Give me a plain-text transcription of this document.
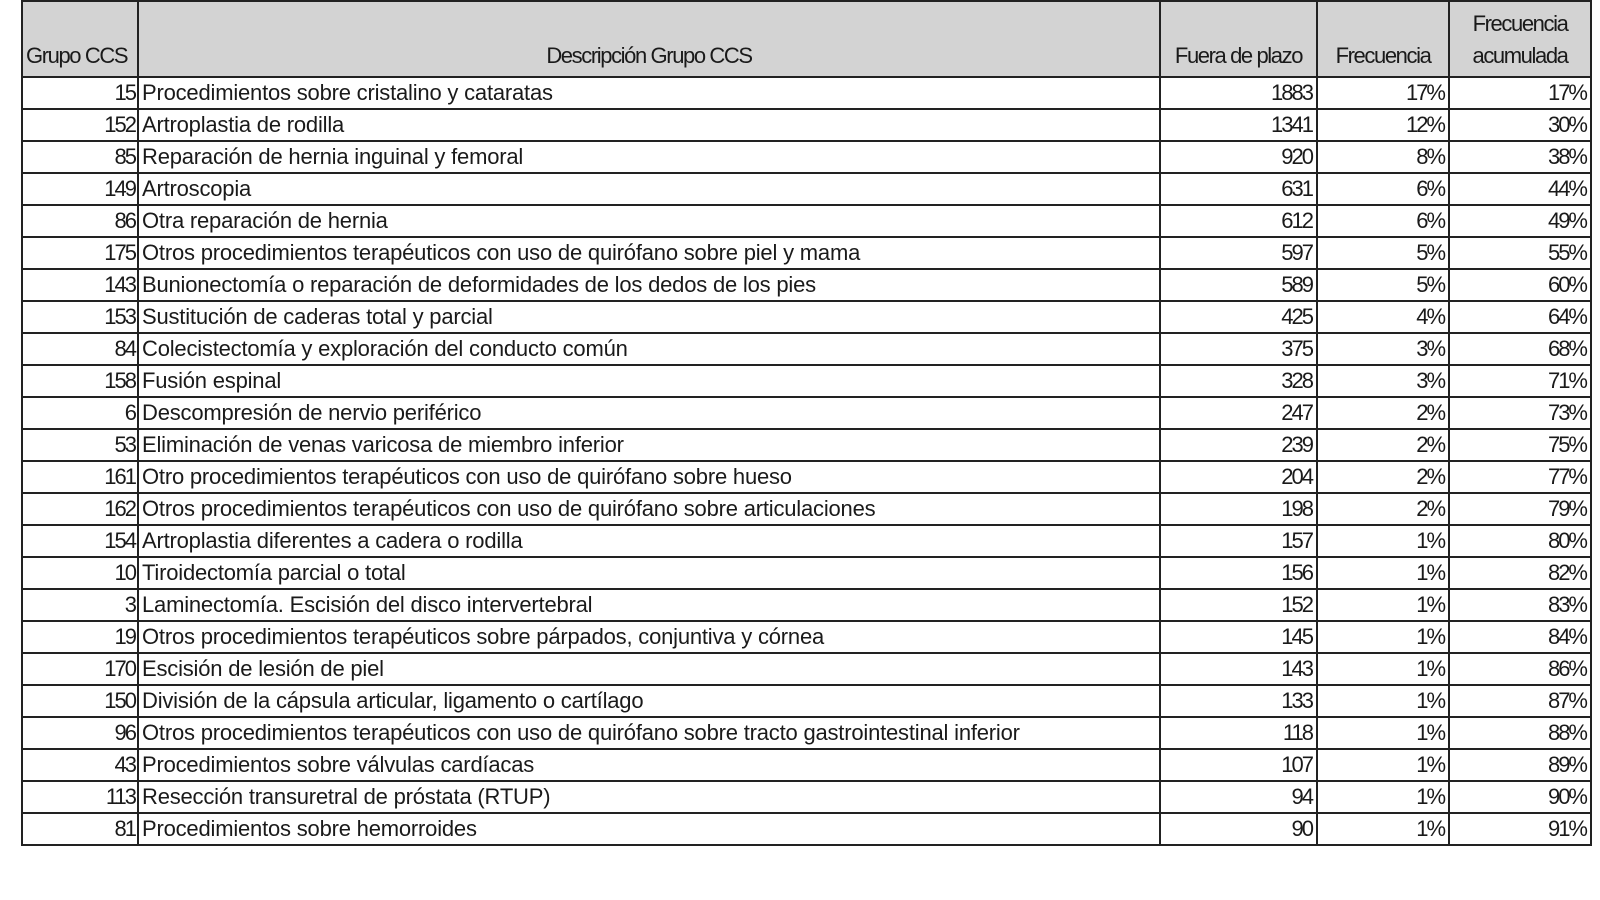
Grupo CCS	Descripción Grupo CCS	Fuera de plazo	Frecuencia	Frecuencia
acumulada

15	Procedimientos sobre cristalino y cataratas	1883	17%	17%
152	Artroplastia de rodilla	1341	12%	30%
85	Reparación de hernia inguinal y femoral	920	8%	38%
149	Artroscopia	631	6%	44%
86	Otra reparación de hernia	612	6%	49%
175	Otros procedimientos terapéuticos con uso de quirófano sobre piel y mama	597	5%	55%
143	Bunionectomía o reparación de deformidades de los dedos de los pies	589	5%	60%
153	Sustitución de caderas total y parcial	425	4%	64%
84	Colecistectomía y exploración del conducto común	375	3%	68%
158	Fusión espinal	328	3%	71%
6	Descompresión de nervio periférico	247	2%	73%
53	Eliminación de venas varicosa de miembro inferior	239	2%	75%
161	Otro procedimientos terapéuticos con uso de quirófano sobre hueso	204	2%	77%
162	Otros procedimientos terapéuticos con uso de quirófano sobre articulaciones	198	2%	79%
154	Artroplastia diferentes a cadera o rodilla	157	1%	80%
10	Tiroidectomía parcial o total	156	1%	82%
3	Laminectomía. Escisión del disco intervertebral	152	1%	83%
19	Otros procedimientos terapéuticos sobre párpados, conjuntiva y córnea	145	1%	84%
170	Escisión de lesión de piel	143	1%	86%
150	División de la cápsula articular, ligamento o cartílago	133	1%	87%
96	Otros procedimientos terapéuticos con uso de quirófano sobre tracto gastrointestinal inferior	118	1%	88%
43	Procedimientos sobre válvulas cardíacas	107	1%	89%
113	Resección transuretral de próstata (RTUP)	94	1%	90%
81	Procedimientos sobre hemorroides	90	1%	91%
